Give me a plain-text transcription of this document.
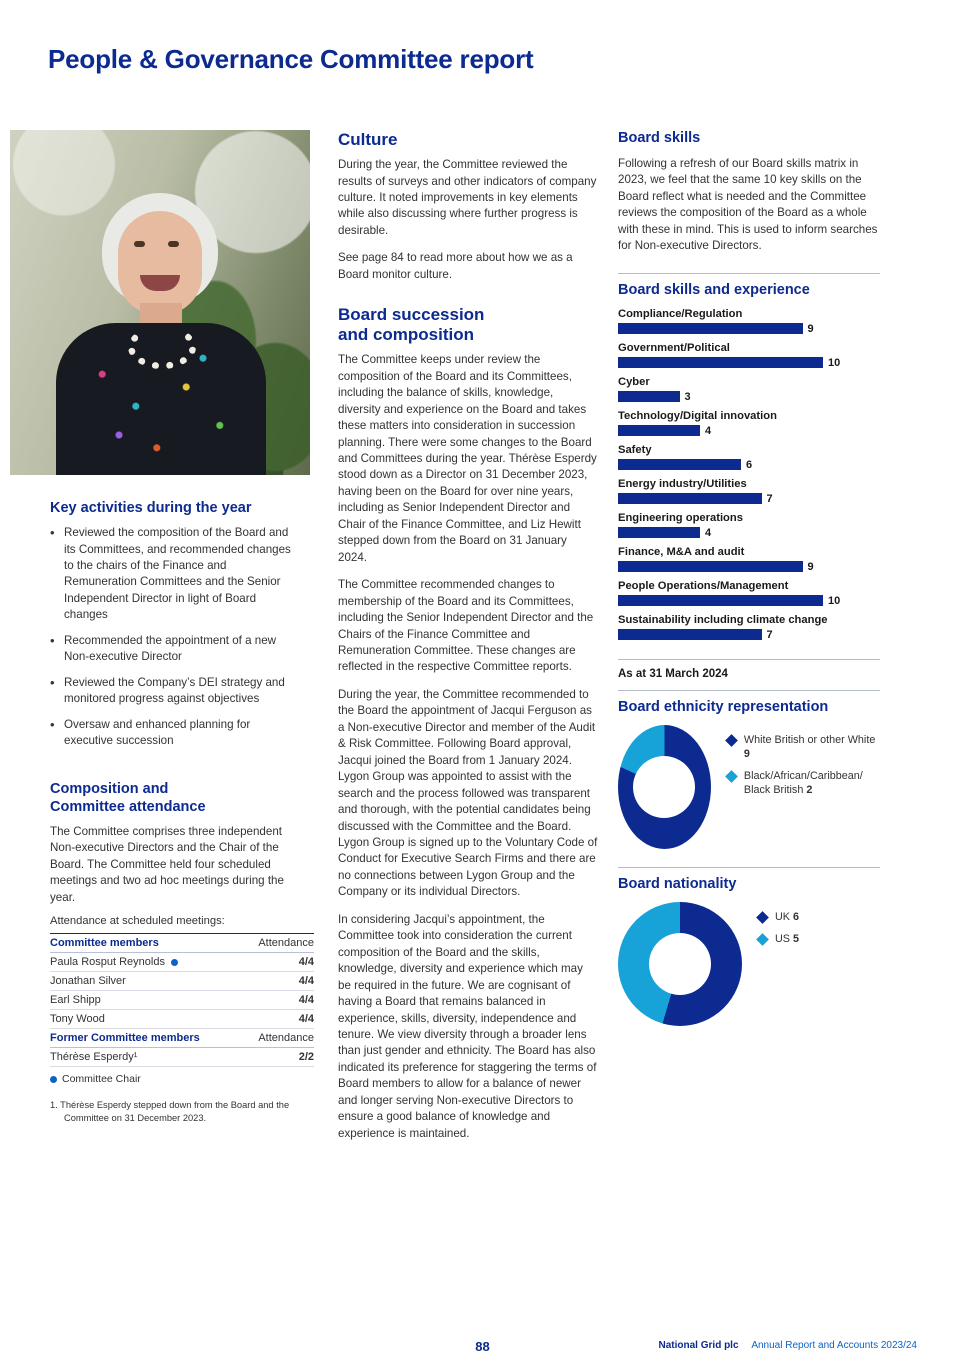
People & Governance Committee report
Key activities during the year
• Reviewed the composition of the Board and its Committees, and recommended changes to the chairs of the Finance and Remuneration Committees and the Senior Independent Director in light of Board changes
• Recommended the appointment of a new Non-executive Director
• Reviewed the Company’s DEI strategy and monitored progress against objectives
• Oversaw and enhanced planning for executive succession
Composition and
Committee attendance

The Committee comprises three independent Non-executive Directors and the Chair of the Board. The Committee held four scheduled meetings and two ad hoc meetings during the year.

Attendance at scheduled meetings:
Committee members	Attendance
Paula Rosput Reynolds	4/4
Jonathan Silver	4/4
Earl Shipp	4/4
Tony Wood	4/4
Former Committee members	Attendance
Thérèse Esperdy¹	2/2
Committee Chair
1. Thérèse Esperdy stepped down from the Board and the Committee on 31 December 2023.
Culture

During the year, the Committee reviewed the results of surveys and other indicators of company culture. It noted improvements in key elements while also discussing where further progress is desirable.

See page 84 to read more about how we as a Board monitor culture.

Board succession
and composition

The Committee keeps under review the composition of the Board and its Committees, including the balance of skills, knowledge, diversity and experience on the Board and takes these matters into consideration in succession planning. There were some changes to the Board and Committees during the year. Thérèse Esperdy stood down as a Director on 31 December 2023, having been on the Board for over nine years, including as Senior Independent Director and Chair of the Finance Committee, and Liz Hewitt stepped down from the Board on 31 January 2024.

The Committee recommended changes to membership of the Board and its Committees, including the Senior Independent Director and the Chairs of the Finance Committee and Remuneration Committee. These changes are reflected in the respective Committee reports.

During the year, the Committee recommended to the Board the appointment of Jacqui Ferguson as a Non-executive Director and member of the Audit & Risk Committee. Following Board approval, Jacqui joined the Board from 1 January 2024. Lygon Group was appointed to assist with the search and the process followed was transparent and thorough, with the potential candidates being discussed with the Committee and the Board. Lygon Group is signed up to the Voluntary Code of Conduct for Executive Search Firms and there are no connections between Lygon Group and the Company or its individual Directors.

In considering Jacqui’s appointment, the Committee took into consideration the current composition of the Board and the skills, knowledge, diversity and experience which may be required in the future. We are cognisant of having a Board that remains balanced in experience, skills, diversity, independence and tenure. We view diversity through a broader lens than just gender and ethnicity. The Board has also indicated its preference for staggering the terms of Board members to allow for a balance of newer and longer serving Non-executive Directors to ensure a good balance of knowledge and experience is maintained.

Board skills

Following a refresh of our Board skills matrix in 2023, we feel that the same 10 key skills on the Board reflect what is needed and the Committee reviews the composition of the Board as a whole with these in mind. This is used to inform searches for Non-executive Directors.

Board skills and experience
Compliance/Regulation
9
Government/Political
10
Cyber
3
Technology/Digital innovation
4
Safety
6
Energy industry/Utilities
7
Engineering operations
4
Finance, M&A and audit
9
People Operations/Management
10
Sustainability including climate change
7
As at 31 March 2024
Board ethnicity representation
White British or other White 9
Black/African/Caribbean/Black British 2
Board nationality
UK 6
US 5
88	National Grid plc Annual Report and Accounts 2023/24
